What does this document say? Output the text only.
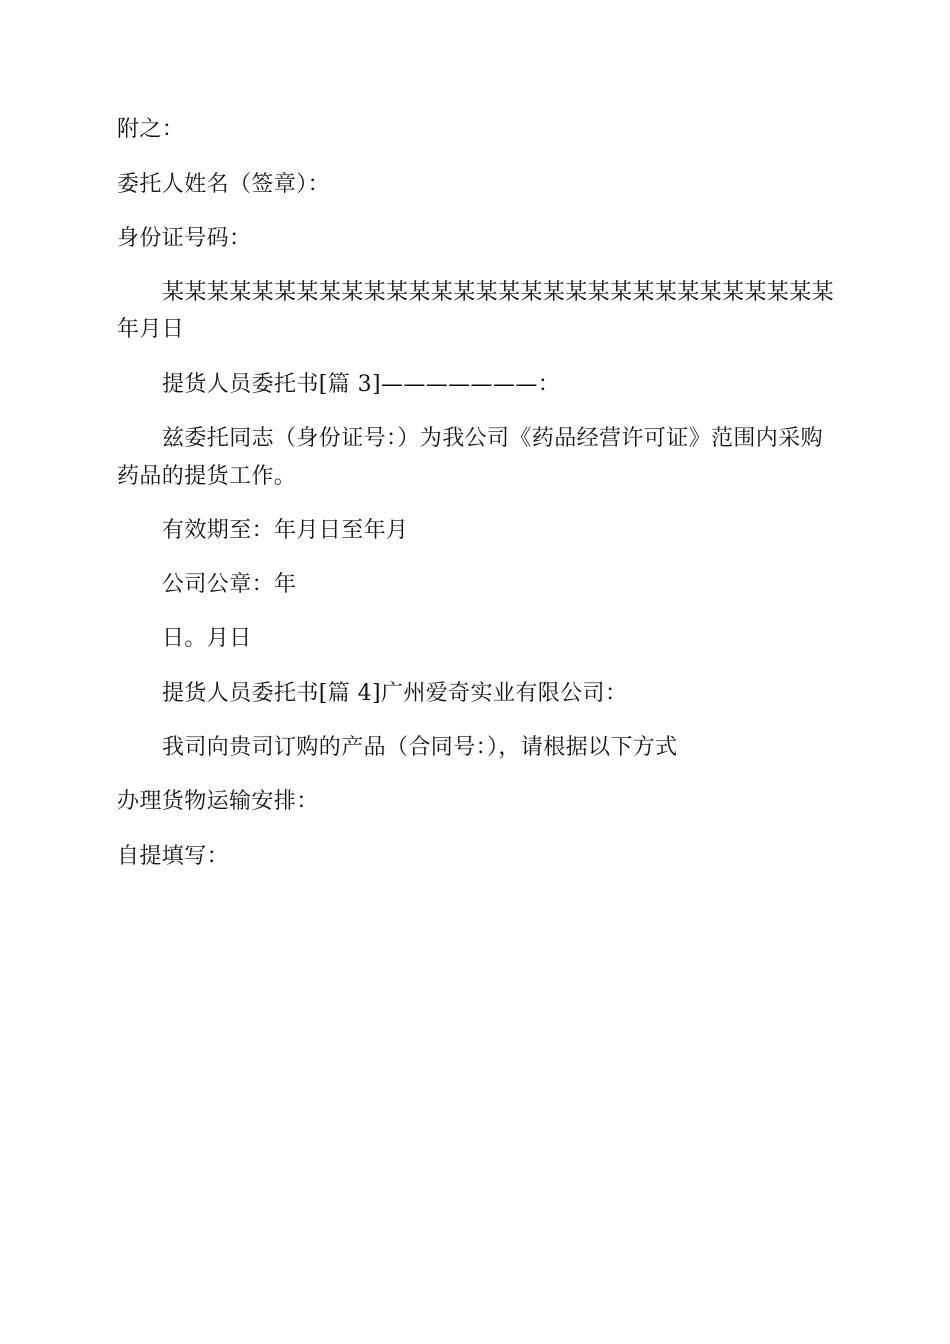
附之：

委托人姓名（签章）：

身份证号码：

某某某某某某某某某某某某某某某某某某某某某某某某某某某某某某

年月日

提货人员委托书[篇 3]———————：

兹委托同志（身份证号：）为我公司《药品经营许可证》范围内采购

药品的提货工作。

有效期至：年月日至年月

公司公章：年

日。月日

提货人员委托书[篇 4]广州爱奇实业有限公司：

我司向贵司订购的产品（合同号：），请根据以下方式

办理货物运输安排：

自提填写：
